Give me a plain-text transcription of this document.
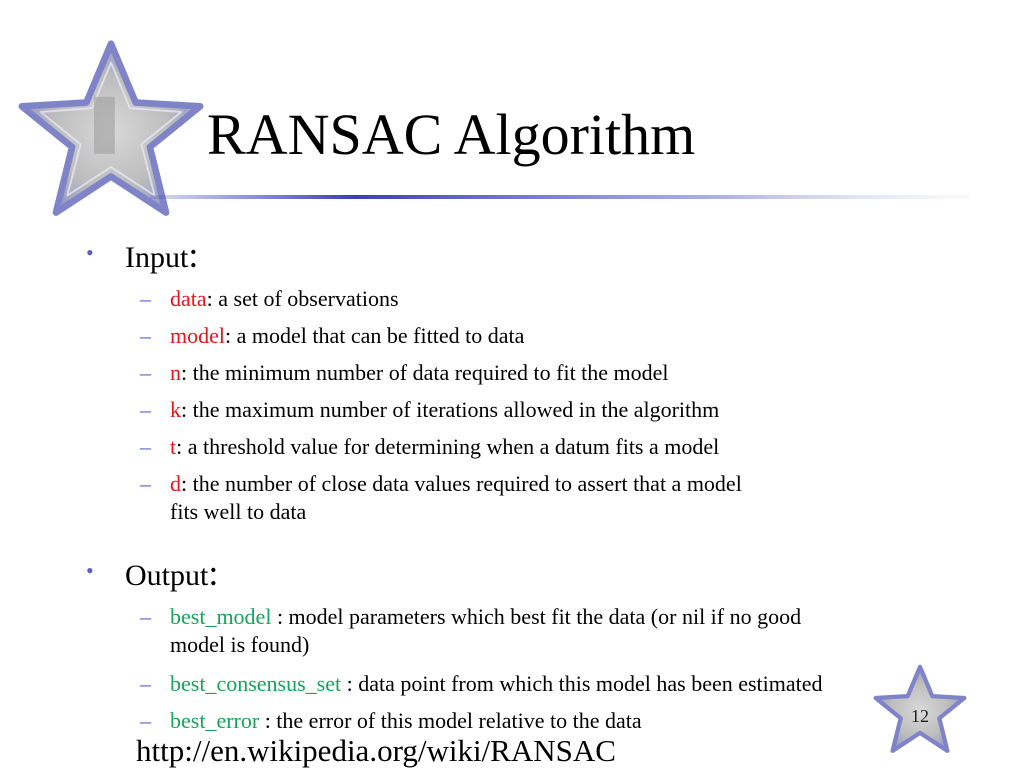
RANSAC Algorithm
• Input:
– data: a set of observations
– model: a model that can be fitted to data
– n: the minimum number of data required to fit the model
– k: the maximum number of iterations allowed in the algorithm
– t: a threshold value for determining when a datum fits a model
– d: the number of close data values required to assert that a model
fits well to data
• Output:
– best_model : model parameters which best fit the data (or nil if no good
model is found)
– best_consensus_set : data point from which this model has been estimated
– best_error : the error of this model relative to the data	12
http://en.wikipedia.org/wiki/RANSAC
